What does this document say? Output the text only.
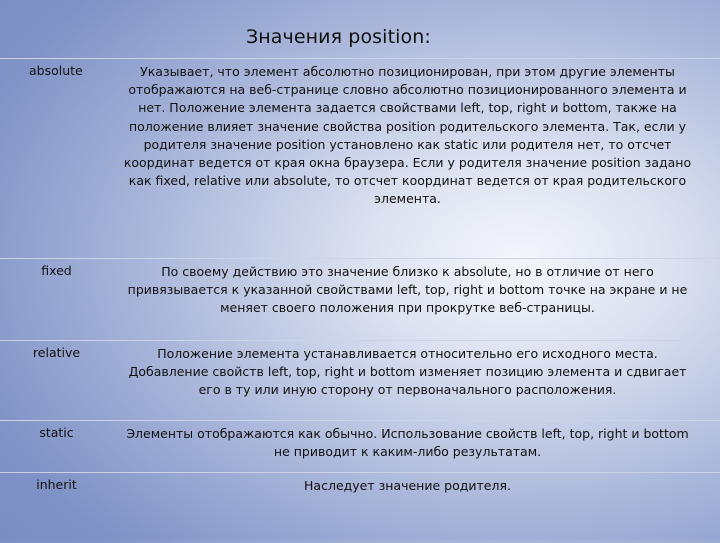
Значения position:
absolute	Указывает, что элемент абсолютно позиционирован, при этом другие элементы отображаются на веб-странице словно абсолютно позиционированного элемента и нет. Положение элемента задается свойствами left, top, right и bottom, также на положение влияет значение свойства position родительского элемента. Так, если у родителя значение position установлено как static или родителя нет, то отсчет координат ведется от края окна браузера. Если у родителя значение position задано как fixed, relative или absolute, то отсчет координат ведется от края родительского элемента.
fixed	По своему действию это значение близко к absolute, но в отличие от него привязывается к указанной свойствами left, top, right и bottom точке на экране и не меняет своего положения при прокрутке веб-страницы.
relative	Положение элемента устанавливается относительно его исходного места. Добавление свойств left, top, right и bottom изменяет позицию элемента и сдвигает его в ту или иную сторону от первоначального расположения.
static	Элементы отображаются как обычно. Использование свойств left, top, right и bottom не приводит к каким-либо результатам.
inherit	Наследует значение родителя.
